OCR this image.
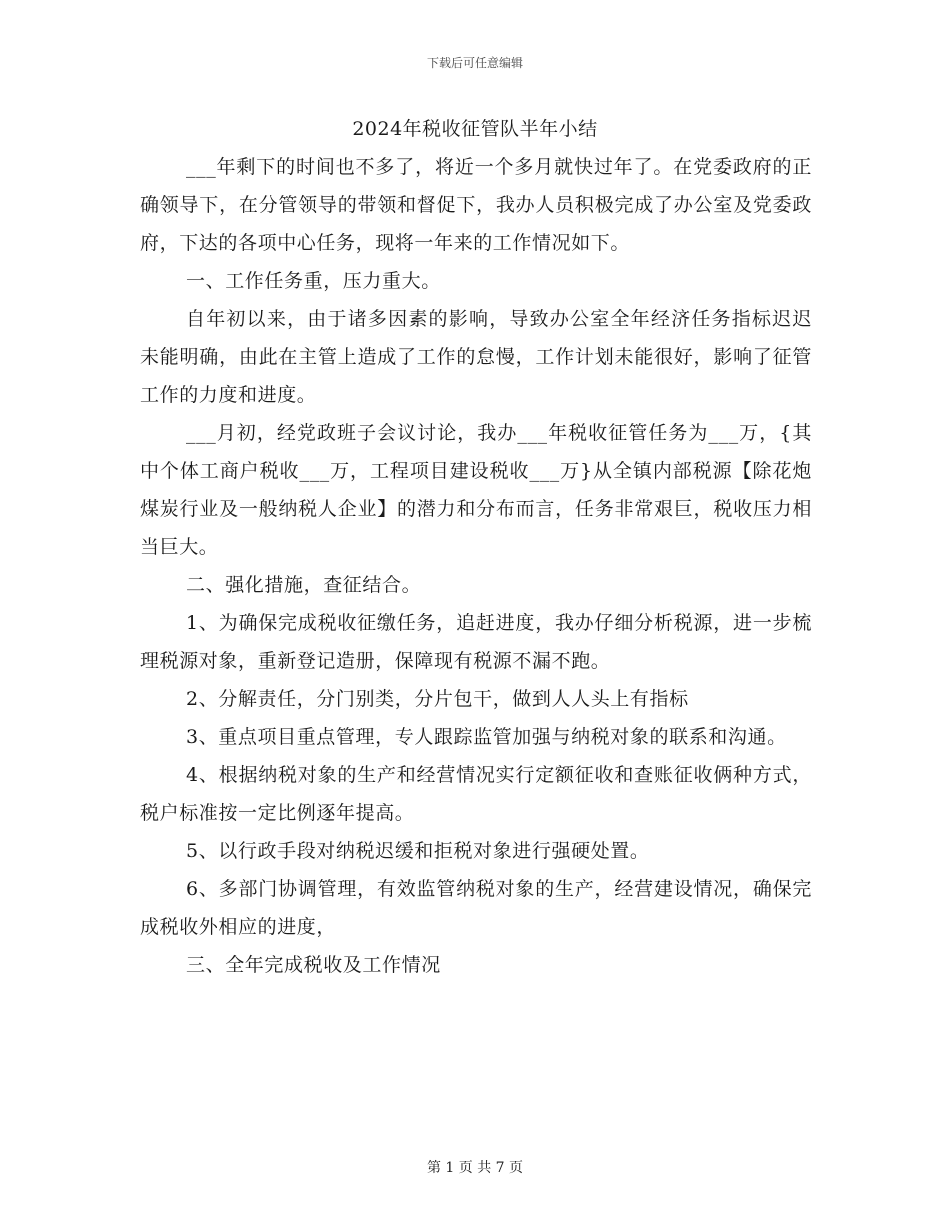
下载后可任意编辑
2024年税收征管队半年小结

___年剩下的时间也不多了，将近一个多月就快过年了。在党委政府的正确领导下，在分管领导的带领和督促下，我办人员积极完成了办公室及党委政府，下达的各项中心任务，现将一年来的工作情况如下。

一、工作任务重，压力重大。

自年初以来，由于诸多因素的影响，导致办公室全年经济任务指标迟迟未能明确，由此在主管上造成了工作的怠慢，工作计划未能很好，影响了征管工作的力度和进度。

___月初，经党政班子会议讨论，我办___年税收征管任务为___万，{其中个体工商户税收___万，工程项目建设税收___万}从全镇内部税源【除花炮煤炭行业及一般纳税人企业】的潜力和分布而言，任务非常艰巨，税收压力相当巨大。

二、强化措施，查征结合。

1、为确保完成税收征缴任务，追赶进度，我办仔细分析税源，进一步梳理税源对象，重新登记造册，保障现有税源不漏不跑。

2、分解责任，分门别类，分片包干，做到人人头上有指标

3、重点项目重点管理，专人跟踪监管加强与纳税对象的联系和沟通。

4、根据纳税对象的生产和经营情况实行定额征收和查账征收俩种方式，税户标准按一定比例逐年提高。

5、以行政手段对纳税迟缓和拒税对象进行强硬处置。

6、多部门协调管理，有效监管纳税对象的生产，经营建设情况，确保完成税收外相应的进度，

三、全年完成税收及工作情况

第 1 页 共 7 页
